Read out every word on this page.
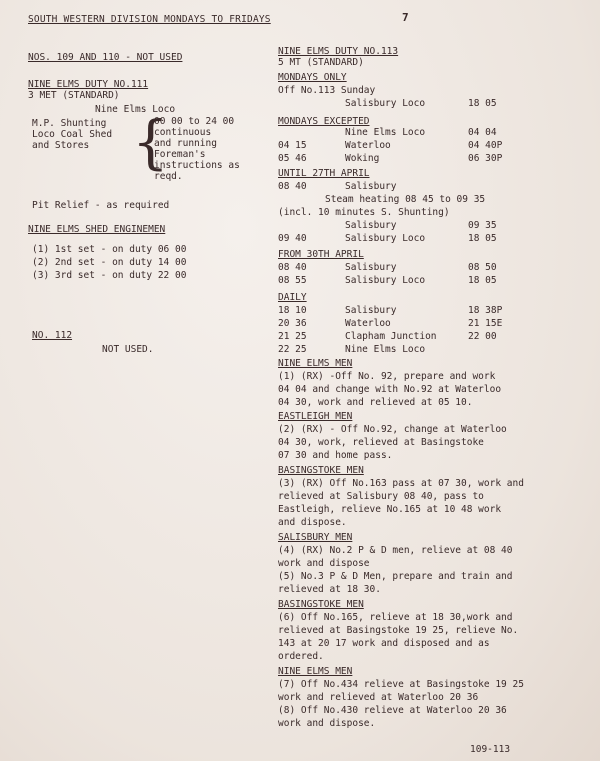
SOUTH WESTERN DIVISION MONDAYS TO FRIDAYS	7

NOS. 109 AND 110 - NOT USED

NINE ELMS DUTY NO.111

3 MET (STANDARD)

Nine Elms Loco

M.P. Shunting

Loco Coal Shed

and Stores {

00 00 to 24 00

continuous

and running

Foreman's

instructions as

reqd.

Pit Relief - as required

NINE ELMS SHED ENGINEMEN

(1) 1st set - on duty 06 00

(2) 2nd set - on duty 14 00

(3) 3rd set - on duty 22 00

NO. 112

NOT USED.

NINE ELMS DUTY NO.113

5 MT (STANDARD)

MONDAYS ONLY

Off No.113 Sunday

Salisbury Loco	18 05

MONDAYS EXCEPTED

Nine Elms Loco	04 04

04 15	Waterloo	04 40P

05 46	Woking	06 30P

UNTIL 27TH APRIL

08 40	Salisbury

Steam heating 08 45 to 09 35

(incl. 10 minutes S. Shunting)

Salisbury	09 35

09 40	Salisbury Loco	18 05

FROM 30TH APRIL

08 40	Salisbury	08 50

08 55	Salisbury Loco	18 05

DAILY

18 10	Salisbury	18 38P

20 36	Waterloo	21 15E

21 25	Clapham Junction	22 00

22 25	Nine Elms Loco

NINE ELMS MEN

(1) (RX) -Off No. 92, prepare and work

04 04 and change with No.92 at Waterloo

04 30, work and relieved at 05 10.

EASTLEIGH MEN

(2) (RX) - Off No.92, change at Waterloo

04 30, work, relieved at Basingstoke

07 30 and home pass.

BASINGSTOKE MEN

(3) (RX) Off No.163 pass at 07 30, work and

relieved at Salisbury 08 40, pass to

Eastleigh, relieve No.165 at 10 48 work

and dispose.

SALISBURY MEN

(4) (RX) No.2 P & D men, relieve at 08 40

work and dispose

(5) No.3 P & D Men, prepare and train and

relieved at 18 30.

BASINGSTOKE MEN

(6) Off No.165, relieve at 18 30,work and

relieved at Basingstoke 19 25, relieve No.

143 at 20 17 work and disposed and as

ordered.

NINE ELMS MEN

(7) Off No.434 relieve at Basingstoke 19 25

work and relieved at Waterloo 20 36

(8) Off No.430 relieve at Waterloo 20 36

work and dispose.

109-113
